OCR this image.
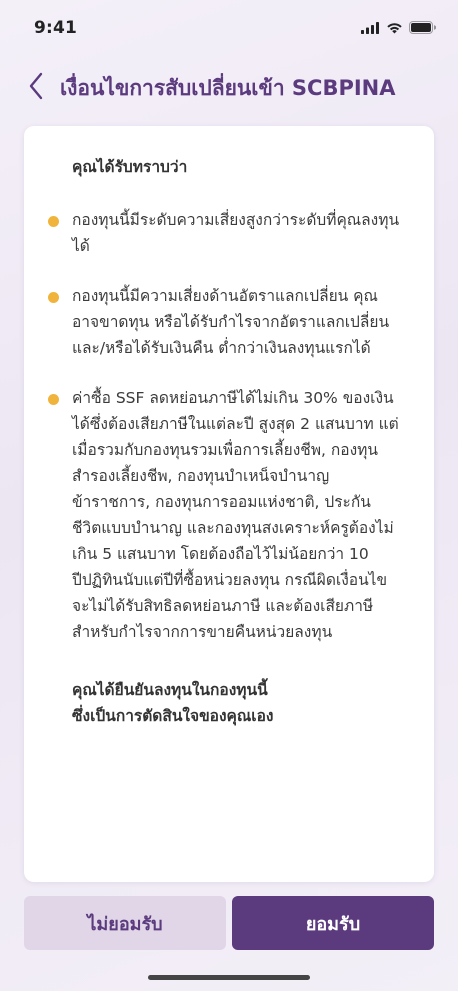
9:41
เงื่อนไขการสับเปลี่ยนเข้า SCBPINA

คุณได้รับทราบว่า

กองทุนนี้มีระดับความเสี่ยงสูงกว่าระดับที่คุณลงทุนได้
กองทุนนี้มีความเสี่ยงด้านอัตราแลกเปลี่ยน คุณอาจขาดทุน หรือได้รับกำไรจากอัตราแลกเปลี่ยน และ/หรือได้รับเงินคืน ต่ำกว่าเงินลงทุนแรกได้
ค่าซื้อ SSF ลดหย่อนภาษีได้ไม่เกิน 30% ของเงินได้ซึ่งต้องเสียภาษีในแต่ละปี สูงสุด 2 แสนบาท แต่เมื่อรวมกับกองทุนรวมเพื่อการเลี้ยงชีพ, กองทุนสำรองเลี้ยงชีพ, กองทุนบำเหน็จบำนาญข้าราชการ, กองทุนการออมแห่งชาติ, ประกันชีวิตแบบบำนาญ และกองทุนสงเคราะห์ครูต้องไม่เกิน 5 แสนบาท โดยต้องถือไว้ไม่น้อยกว่า 10 ปีปฏิทินนับแต่ปีที่ซื้อหน่วยลงทุน กรณีผิดเงื่อนไข จะไม่ได้รับสิทธิลดหย่อนภาษี และต้องเสียภาษีสำหรับกำไรจากการขายคืนหน่วยลงทุน
คุณได้ยืนยันลงทุนในกองทุนนี้
ซึ่งเป็นการตัดสินใจของคุณเอง
ไม่ยอมรับ	ยอมรับ
